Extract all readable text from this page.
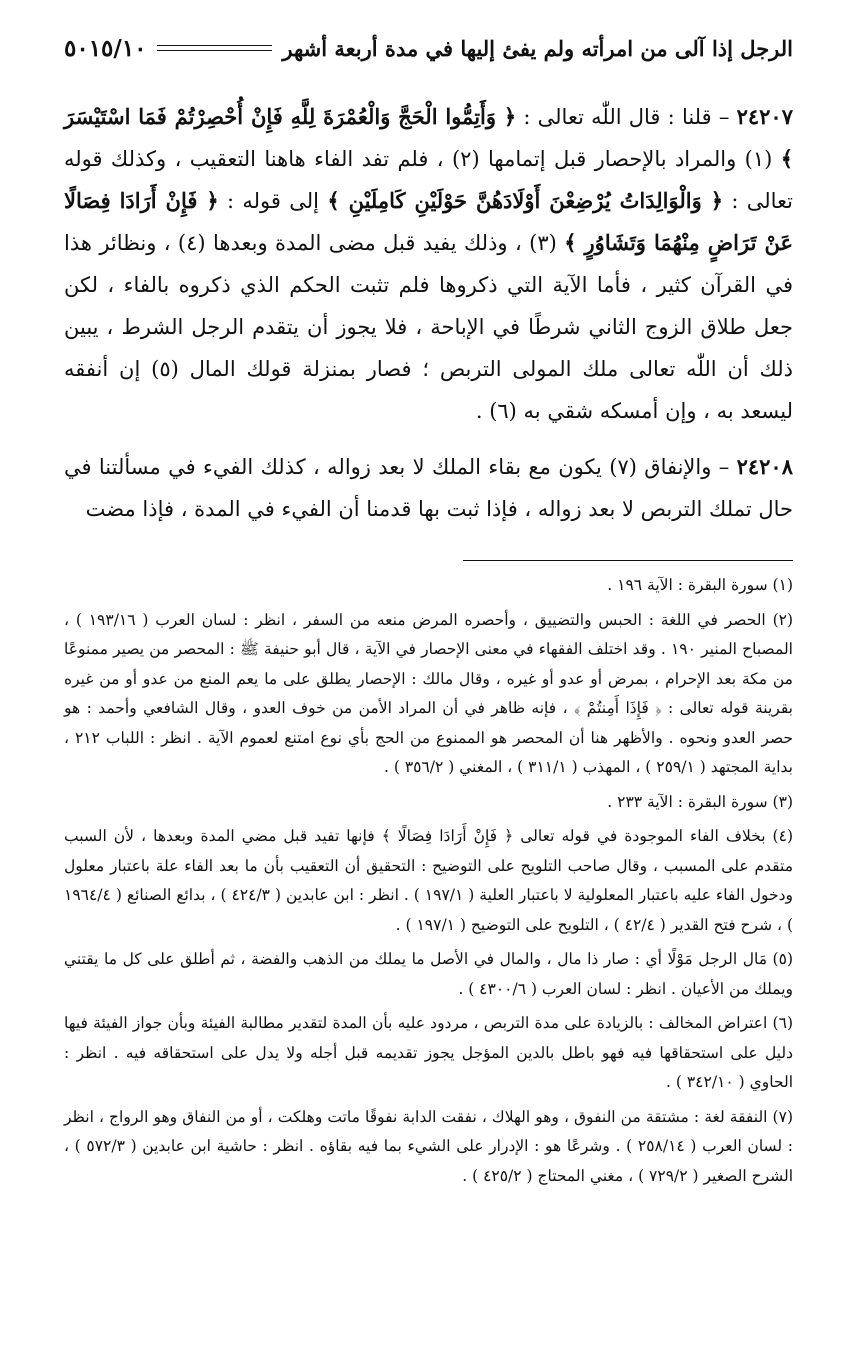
الرجل إذا آلى من امرأته ولم يفئ إليها في مدة أربعة أشهر
٥٠١٥/١٠

٢٤٢٠٧ – قلنا : قال اللّٰه تعالى : ﴿ وَأَتِمُّوا الْحَجَّ وَالْعُمْرَةَ لِلَّهِ فَإِنْ أُحْصِرْتُمْ فَمَا اسْتَيْسَرَ ﴾ (١) والمراد بالإحصار قبل إتمامها (٢) ، فلم تفد الفاء هاهنا التعقيب ، وكذلك قوله تعالى : ﴿ وَالْوَالِدَاتُ يُرْضِعْنَ أَوْلَادَهُنَّ حَوْلَيْنِ كَامِلَيْنِ ﴾ إلى قوله : ﴿ فَإِنْ أَرَادَا فِصَالًا عَنْ تَرَاضٍ مِنْهُمَا وَتَشَاوُرٍ ﴾ (٣) ، وذلك يفيد قبل مضى المدة وبعدها (٤) ، ونظائر هذا في القرآن كثير ، فأما الآية التي ذكروها فلم تثبت الحكم الذي ذكروه بالفاء ، لكن جعل طلاق الزوج الثاني شرطًا في الإباحة ، فلا يجوز أن يتقدم الرجل الشرط ، يبين ذلك أن اللّٰه تعالى ملك المولى التربص ؛ فصار بمنزلة قولك المال (٥) إن أنفقه ليسعد به ، وإن أمسكه شقي به (٦) .

٢٤٢٠٨ – والإنفاق (٧) يكون مع بقاء الملك لا بعد زواله ، كذلك الفيء في مسألتنا في حال تملك التربص لا بعد زواله ، فإذا ثبت بها قدمنا أن الفيء في المدة ، فإذا مضت

(١) سورة البقرة : الآية ١٩٦ .

(٢) الحصر في اللغة : الحبس والتضييق ، وأحصره المرض منعه من السفر ، انظر : لسان العرب ( ١٩٣/١٦ ) ، المصباح المنير ١٩٠ . وقد اختلف الفقهاء في معنى الإحصار في الآية ، قال أبو حنيفة ﷺ : المحصر من يصير ممنوعًا من مكة بعد الإحرام ، بمرض أو عدو أو غيره ، وقال مالك : الإحصار يطلق على ما يعم المنع من عدو أو من غيره بقرينة قوله تعالى : ﴿ فَإِذَا أَمِنتُمْ ﴾ ، فإنه ظاهر في أن المراد الأمن من خوف العدو ، وقال الشافعي وأحمد : هو حصر العدو ونحوه . والأظهر هنا أن المحصر هو الممنوع من الحج بأي نوع امتنع لعموم الآية . انظر : اللباب ٢١٢ ، بداية المجتهد ( ٢٥٩/١ ) ، المهذب ( ٣١١/١ ) ، المغني ( ٣٥٦/٢ ) .

(٣) سورة البقرة : الآية ٢٣٣ .

(٤) بخلاف الفاء الموجودة في قوله تعالى ﴿ فَإِنْ أَرَادَا فِصَالًا ﴾ فإنها تفيد قبل مضي المدة وبعدها ، لأن السبب متقدم على المسبب ، وقال صاحب التلويح على التوضيح : التحقيق أن التعقيب بأن ما بعد الفاء علة باعتبار معلول ودخول الفاء عليه باعتبار المعلولية لا باعتبار العلية ( ١٩٧/١ ) . انظر : ابن عابدين ( ٤٢٤/٣ ) ، بدائع الصنائع ( ١٩٦٤/٤ ) ، شرح فتح القدير ( ٤٢/٤ ) ، التلويح على التوضيح ( ١٩٧/١ ) .

(٥) مَال الرجل مَوْلًا أي : صار ذا مال ، والمال في الأصل ما يملك من الذهب والفضة ، ثم أطلق على كل ما يقتني ويملك من الأعيان . انظر : لسان العرب ( ٤٣٠٠/٦ ) .

(٦) اعتراض المخالف : بالزيادة على مدة التربص ، مردود عليه بأن المدة لتقدير مطالبة الفيئة وبأن جواز الفيئة فيها دليل على استحقاقها فيه فهو باطل بالدين المؤجل يجوز تقديمه قبل أجله ولا يدل على استحقاقه فيه . انظر : الحاوي ( ٣٤٢/١٠ ) .

(٧) النفقة لغة : مشتقة من النفوق ، وهو الهلاك ، نفقت الدابة نفوقًا ماتت وهلكت ، أو من النفاق وهو الرواج ، انظر : لسان العرب ( ٢٥٨/١٤ ) . وشرعًا هو : الإدرار على الشيء بما فيه بقاؤه . انظر : حاشية ابن عابدين ( ٥٧٢/٣ ) ، الشرح الصغير ( ٧٢٩/٢ ) ، مغني المحتاج ( ٤٢٥/٢ ) .
